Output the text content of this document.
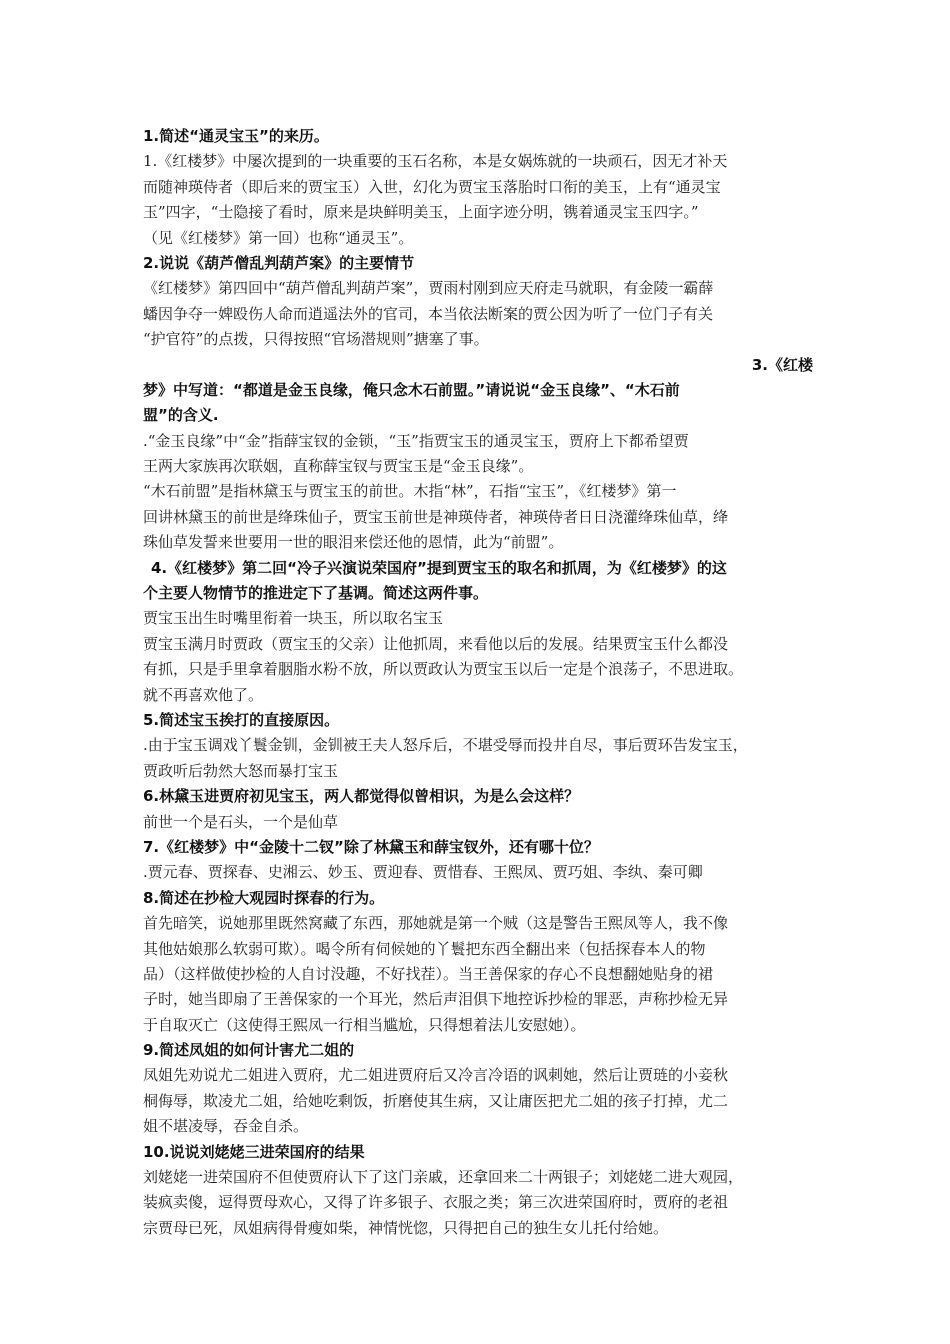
1.简述“通灵宝玉”的来历。
1.《红楼梦》中屡次提到的一块重要的玉石名称，本是女娲炼就的一块顽石，因无才补天
而随神瑛侍者（即后来的贾宝玉）入世，幻化为贾宝玉落胎时口衔的美玉，上有“通灵宝
玉”四字，“士隐接了看时，原来是块鲜明美玉，上面字迹分明，镌着通灵宝玉四字。”
（见《红楼梦》第一回）也称“通灵玉”。
2.说说《葫芦僧乱判葫芦案》的主要情节
《红楼梦》第四回中“葫芦僧乱判葫芦案”，贾雨村刚到应天府走马就职，有金陵一霸薛
蟠因争夺一婢殴伤人命而逍遥法外的官司，本当依法断案的贾公因为听了一位门子有关
“护官符”的点拨，只得按照“官场潜规则”搪塞了事。
3.《红楼
梦》中写道：“都道是金玉良缘，俺只念木石前盟。”请说说“金玉良缘”、“木石前
盟”的含义.
.“金玉良缘”中“金”指薛宝钗的金锁，“玉”指贾宝玉的通灵宝玉，贾府上下都希望贾
王两大家族再次联姻，直称薛宝钗与贾宝玉是“金玉良缘”。
“木石前盟”是指林黛玉与贾宝玉的前世。木指“林”，石指“宝玉”，《红楼梦》第一
回讲林黛玉的前世是绛珠仙子，贾宝玉前世是神瑛侍者，神瑛侍者日日浇灌绛珠仙草，绛
珠仙草发誓来世要用一世的眼泪来偿还他的恩情，此为“前盟”。
4.《红楼梦》第二回“冷子兴演说荣国府”提到贾宝玉的取名和抓周，为《红楼梦》的这
个主要人物情节的推进定下了基调。简述这两件事。
贾宝玉出生时嘴里衔着一块玉，所以取名宝玉
贾宝玉满月时贾政（贾宝玉的父亲）让他抓周，来看他以后的发展。结果贾宝玉什么都没
有抓，只是手里拿着胭脂水粉不放，所以贾政认为贾宝玉以后一定是个浪荡子，不思进取。
就不再喜欢他了。
5.简述宝玉挨打的直接原因。
.由于宝玉调戏丫鬟金钏，金钏被王夫人怒斥后，不堪受辱而投井自尽，事后贾环告发宝玉，
贾政听后勃然大怒而暴打宝玉
6.林黛玉进贾府初见宝玉，两人都觉得似曾相识，为是么会这样？
前世一个是石头，一个是仙草
7.《红楼梦》中“金陵十二钗”除了林黛玉和薛宝钗外，还有哪十位？
.贾元春、贾探春、史湘云、妙玉、贾迎春、贾惜春、王熙凤、贾巧姐、李纨、秦可卿
8.简述在抄检大观园时探春的行为。
首先暗笑，说她那里既然窝藏了东西，那她就是第一个贼（这是警告王熙凤等人，我不像
其他姑娘那么软弱可欺）。喝令所有伺候她的丫鬟把东西全翻出来（包括探春本人的物
品）（这样做使抄检的人自讨没趣，不好找茬）。当王善保家的存心不良想翻她贴身的裙
子时，她当即扇了王善保家的一个耳光，然后声泪俱下地控诉抄检的罪恶，声称抄检无异
于自取灭亡（这使得王熙凤一行相当尴尬，只得想着法儿安慰她）。
9.简述凤姐的如何计害尤二姐的
凤姐先劝说尤二姐进入贾府，尤二姐进贾府后又冷言冷语的讽刺她，然后让贾琏的小妾秋
桐侮辱，欺凌尤二姐，给她吃剩饭，折磨使其生病，又让庸医把尤二姐的孩子打掉，尤二
姐不堪凌辱，吞金自杀。
10.说说刘姥姥三进荣国府的结果
刘姥姥一进荣国府不但使贾府认下了这门亲戚，还拿回来二十两银子；刘姥姥二进大观园，
装疯卖傻，逗得贾母欢心，又得了许多银子、衣服之类；第三次进荣国府时，贾府的老祖
宗贾母已死，凤姐病得骨瘦如柴，神情恍惚，只得把自己的独生女儿托付给她。
